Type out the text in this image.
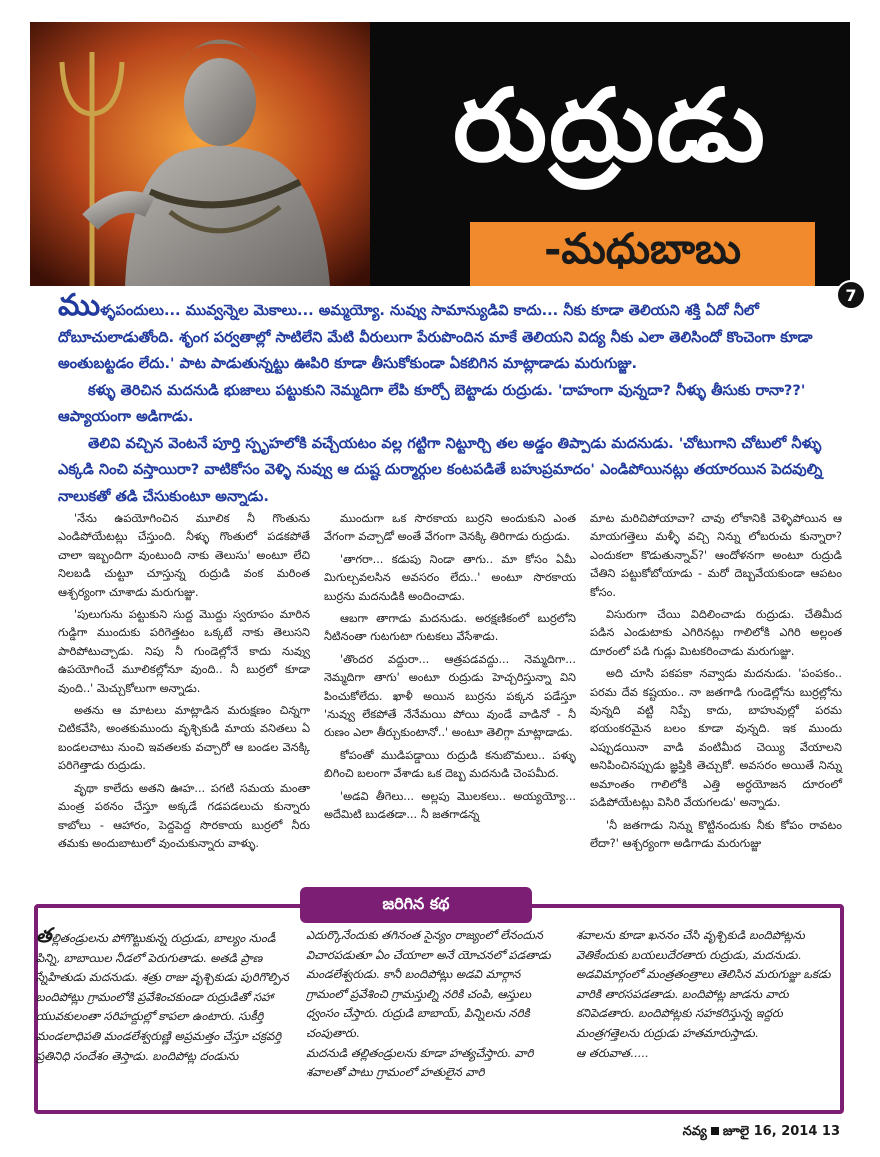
రుద్రుడు
-మధుబాబు
7

ముళ్ళపందులు... మువ్వన్నెల మెకాలు... అమ్మయ్యో. నువ్వు సామాన్యుడివి కాదు... నీకు కూడా తెలియని శక్తి ఏదో నీలో దోబూచులాడుతోంది. శృంగ పర్వతాల్లో సాటిలేని మేటి వీరులుగా పేరుపొందిన మాకే తెలియని విద్య నీకు ఎలా తెలిసిందో కొంచెంగా కూడా అంతుబట్టడం లేదు.' పాట పాడుతున్నట్టు ఊపిరి కూడా తీసుకోకుండా ఏకబిగిన మాట్లాడాడు మరుగుజ్జు.

కళ్ళు తెరిచిన మదనుడి భుజాలు పట్టుకుని నెమ్మదిగా లేపి కూర్చో బెట్టాడు రుద్రుడు. 'దాహంగా వున్నదా? నీళ్ళు తీసుకు రానా??' ఆప్యాయంగా అడిగాడు.

తెలివి వచ్చిన వెంటనే పూర్తి స్పృహలోకి వచ్చేయటం వల్ల గట్టిగా నిట్టూర్చి తల అడ్డం తిప్పాడు మదనుడు. 'చోటుగాని చోటులో నీళ్ళు ఎక్కడి నించి వస్తాయిరా? వాటికోసం వెళ్ళి నువ్వు ఆ దుష్ట దుర్మార్గుల కంటపడితే బహుప్రమాదం' ఎండిపోయినట్లు తయారయిన పెదవుల్ని నాలుకతో తడి చేసుకుంటూ అన్నాడు.

'నేను ఉపయోగించిన మూలిక నీ గొంతును ఎండిపోయేటట్లు చేస్తుంది. నీళ్ళు గొంతులో పడకపోతే చాలా ఇబ్బందిగా వుంటుంది నాకు తెలుసు' అంటూ లేచి నిలబడి చుట్టూ చూస్తున్న రుద్రుడి వంక మరింత ఆశ్చర్యంగా చూశాడు మరుగుజ్జు.

'పులుగును పట్టుకుని సుద్ద మొద్దు స్వరూపం మారిన గుడ్డిగా ముందుకు పరిగెత్తటం ఒక్కటే నాకు తెలుసని పారిపోటుచ్చాడు. నిపు నీ గుండెల్లోనే కాదు నువ్వు ఉపయోగించే మూలికల్లోనూ వుంది.. నీ బుర్రలో కూడా వుంది..' మెచ్చుకోలుగా అన్నాడు.

అతను ఆ మాటలు మాట్లాడిన మరుక్షణం చిన్నగా చిటికవేసి, అంతకుముందు వృశ్చికుడి మాయ వనితలు ఏ బండలచాటు నుంచి ఇవతలకు వచ్చారో ఆ బండల వెనక్కి పరిగెత్తాడు రుద్రుడు.

వృథా కాలేదు అతని ఊహ... పగటి సమయ మంతా మంత్ర పఠనం చేస్తూ అక్కడే గడపడలుచు కున్నారు కాబోలు - ఆహారం, పెద్దపెద్ద సొరకాయ బుర్రలో నీరు తమకు అందుబాటులో వుంచుకున్నారు వాళ్ళు.

ముందుగా ఒక సొరకాయ బుర్రని అందుకుని ఎంత వేగంగా వచ్చాడో అంతే వేగంగా వెనక్కి తిరిగాడు రుద్రుడు.

'తాగరా... కడుపు నిండా తాగు.. మా కోసం ఏమీ మిగుల్చవలసిన అవసరం లేదు..' అంటూ సొరకాయ బుర్రను మదనుడికి అందించాడు.

ఆబగా తాగాడు మదనుడు. అరక్షణికంలో బుర్రలోని నీటినంతా గుటగుటా గుటకలు వేసేశాడు.

'తొందర వద్దురా... ఆత్రపడవద్దు... నెమ్మదిగా... నెమ్మదిగా తాగు' అంటూ రుద్రుడు హెచ్చరిస్తున్నా విని పించుకోలేదు. ఖాళీ అయిన బుర్రను పక్కన పడేస్తూ 'నువ్వు లేకపోతే నేనేమయి పోయి వుండే వాడినో - నీ రుణం ఎలా తీర్చుకుంటానో..' అంటూ తెలిగ్గా మాట్లాడాడు.

కోపంతో ముడిపడ్డాయి రుద్రుడి కనుబొమలు.. పళ్ళు బిగించి బలంగా వేశాడు ఒక దెబ్బ మదనుడి చెంపమీద.

'అడవి తీగెలు... అల్లపు మొలకలు.. అయ్యయ్యో... అదేమిటి బుడతడా... నీ జతగాడన్న

మాట మరిచిపోయావా? చావు లోకానికి వెళ్ళిపోయిన ఆ మాయగత్తెలు మళ్ళీ వచ్చి నిన్ను లోబరుచు కున్నారా? ఎందుకలా కొడుతున్నావ్?' ఆందోళనగా అంటూ రుద్రుడి చేతిని పట్టుకోబోయాడు - మరో దెబ్బవేయకుండా ఆపటం కోసం.

విసురుగా చేయి విదిలించాడు రుద్రుడు. చేతిమీద పడిన ఎండుటాకు ఎగిరినట్లు గాలిలోకి ఎగిరి అల్లంత దూరంలో పడి గుడ్లు మిటకరించాడు మరుగుజ్జు.

అది చూసి పకపకా నవ్వాడు మదనుడు. 'పంపకం.. పరమ దేవ కష్టయం.. నా జతగాడి గుండెల్లోను బుర్రల్లోను వున్నది వట్టి నిప్పే కాదు, బాహువుల్లో పరమ భయంకరమైన బలం కూడా వున్నది. ఇక ముందు ఎప్పుడయినా వాడి వంటిమీద చెయ్యి వేయాలని అనిపించినప్పుడు జ్ఞప్తికి తెచ్చుకో. అవసరం అయితే నిన్ను అమాంతం గాలిలోకి ఎత్తి అర్ధయోజన దూరంలో పడిపోయేటట్లు విసిరి వేయగలడు' అన్నాడు.

'నీ జతగాడు నిన్ను కొట్టినందుకు నీకు కోపం రావటం లేదా?' ఆశ్చర్యంగా అడిగాడు మరుగుజ్జు

జరిగిన కథ

తల్లితండ్రులను పోగొట్టుకున్న రుద్రుడు, బాల్యం నుండీ పిన్ని, బాబాయిల నీడలో పెరుగుతాడు. అతడి ప్రాణ స్నేహితుడు మదనుడు. శత్రు రాజు వృశ్చికుడు పురిగొల్పిన బందిపోట్లు గ్రామంలోకి ప్రవేశించకుండా రుద్రుడితో సహా యువకులంతా సరిహద్దుల్లో కాపలా ఉంటారు. సుకీర్తి మండలాధిపతి మండలేశ్వరుణ్ణి అప్రమత్తం చేస్తూ చక్రవర్తి ప్రతినిధి సందేశం తెస్తాడు. బందిపోట్ల దండును

ఎదుర్కొనేందుకు తగినంత సైన్యం రాజ్యంలో లేనందున విచారపడుతూ ఏం చేయాలా అనే యోచనలో పడతాడు మండలేశ్వరుడు. కానీ బందిపోట్లు అడవి మార్గాన గ్రామంలో ప్రవేశించి గ్రామస్తుల్ని నరికి చంపి, ఆస్తులు ధ్వంసం చేస్తారు. రుద్రుడి బాబాయ్, పిన్నిలను నరికి చంపుతారు.
మదనుడి తల్లితండ్రులను కూడా హత్యచేస్తారు. వారి శవాలతో పాటు గ్రామంలో హతులైన వారి

శవాలను కూడా ఖననం చేసి వృశ్చికుడి బందిపోట్లను వెతికేందుకు బయలుదేరతారు రుద్రుడు, మదనుడు. అడవిమార్గంలో మంత్రతంత్రాలు తెలిసిన మరుగుజ్జు ఒకడు వారికి తారసపడతాడు. బందిపోట్ల జాడను వారు కనిపెడతారు. బందిపోట్లకు సహకరిస్తున్న ఇద్దరు మంత్రగత్తెలను రుద్రుడు హతమారుస్తాడు.
ఆ తరువాత.....

నవ్య జూలై 16, 2014 13
